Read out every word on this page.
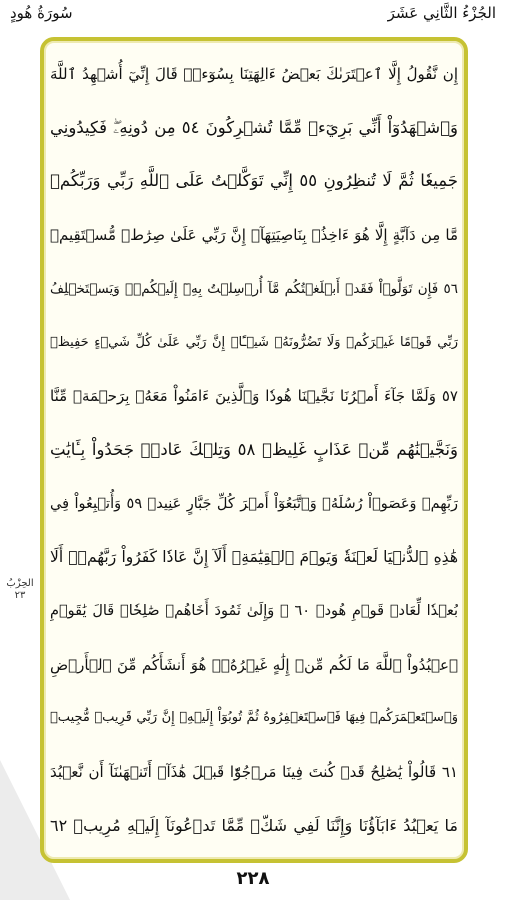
سُورَةُ هُودٍ	الجُزْءُ الثَّانِي عَشَرَ
الحِزْبُ
٢٣
إِن نَّقُولُ إِلَّا ٱعۡتَرَىٰكَ بَعۡضُ ءَالِهَتِنَا بِسُوٓءٖۗ قَالَ إِنِّيٓ أُشۡهِدُ ٱللَّهَ
وَٱشۡهَدُوٓاْ أَنِّي بَرِيٓءٞ مِّمَّا تُشۡرِكُونَ ٥٤ مِن دُونِهِۦۖ فَكِيدُونِي
جَمِيعٗا ثُمَّ لَا تُنظِرُونِ ٥٥ إِنِّي تَوَكَّلۡتُ عَلَى ٱللَّهِ رَبِّي وَرَبِّكُمۚ
مَّا مِن دَآبَّةٍ إِلَّا هُوَ ءَاخِذُۢ بِنَاصِيَتِهَآۚ إِنَّ رَبِّي عَلَىٰ صِرَٰطٖ مُّسۡتَقِيمٖ
٥٦ فَإِن تَوَلَّوۡاْ فَقَدۡ أَبۡلَغۡتُكُم مَّآ أُرۡسِلۡتُ بِهِۦٓ إِلَيۡكُمۡۚ وَيَسۡتَخۡلِفُ
رَبِّي قَوۡمًا غَيۡرَكُمۡ وَلَا تَضُرُّونَهُۥ شَيۡـًٔاۚ إِنَّ رَبِّي عَلَىٰ كُلِّ شَيۡءٍ حَفِيظٞ
٥٧ وَلَمَّا جَآءَ أَمۡرُنَا نَجَّيۡنَا هُودٗا وَٱلَّذِينَ ءَامَنُواْ مَعَهُۥ بِرَحۡمَةٖ مِّنَّا
وَنَجَّيۡنَٰهُم مِّنۡ عَذَابٍ غَلِيظٖ ٥٨ وَتِلۡكَ عَادٞۖ جَحَدُواْ بِـَٔايَٰتِ
رَبِّهِمۡ وَعَصَوۡاْ رُسُلَهُۥ وَٱتَّبَعُوٓاْ أَمۡرَ كُلِّ جَبَّارٍ عَنِيدٖ ٥٩ وَأُتۡبِعُواْ فِي
هَٰذِهِ ٱلدُّنۡيَا لَعۡنَةٗ وَيَوۡمَ ٱلۡقِيَٰمَةِۗ أَلَآ إِنَّ عَادٗا كَفَرُواْ رَبَّهُمۡۗ أَلَا
بُعۡدٗا لِّعَادٖ قَوۡمِ هُودٖ ٦٠ ۞ وَإِلَىٰ ثَمُودَ أَخَاهُمۡ صَٰلِحٗاۚ قَالَ يَٰقَوۡمِ
ٱعۡبُدُواْ ٱللَّهَ مَا لَكُم مِّنۡ إِلَٰهٍ غَيۡرُهُۥۖ هُوَ أَنشَأَكُم مِّنَ ٱلۡأَرۡضِ
وَٱسۡتَعۡمَرَكُمۡ فِيهَا فَٱسۡتَغۡفِرُوهُ ثُمَّ تُوبُوٓاْ إِلَيۡهِۚ إِنَّ رَبِّي قَرِيبٞ مُّجِيبٞ
٦١ قَالُواْ يَٰصَٰلِحُ قَدۡ كُنتَ فِينَا مَرۡجُوّٗا قَبۡلَ هَٰذَآۖ أَتَنۡهَىٰنَآ أَن نَّعۡبُدَ
مَا يَعۡبُدُ ءَابَآؤُنَا وَإِنَّنَا لَفِي شَكّٖ مِّمَّا تَدۡعُونَآ إِلَيۡهِ مُرِيبٖ ٦٢
٢٢٨
